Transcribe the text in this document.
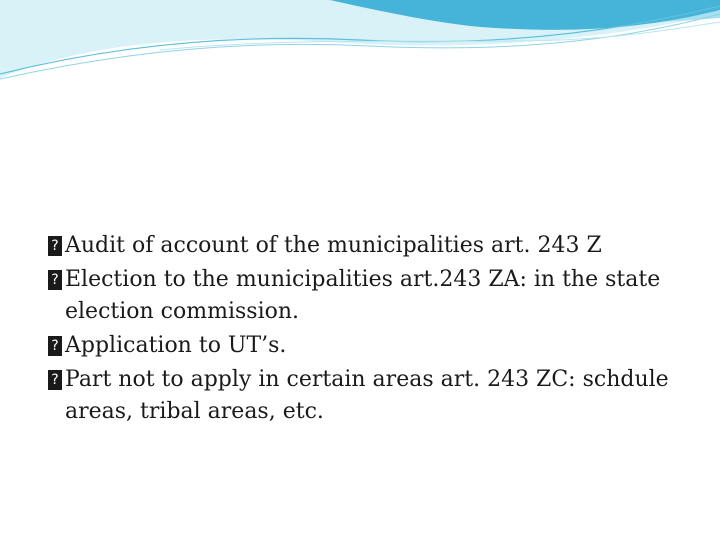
? Audit of account of the municipalities art. 243 Z
? Election to the municipalities art.243 ZA: in the state election commission.
? Application to UT’s.
? Part not to apply in certain areas art. 243 ZC: schdule areas, tribal areas, etc.
